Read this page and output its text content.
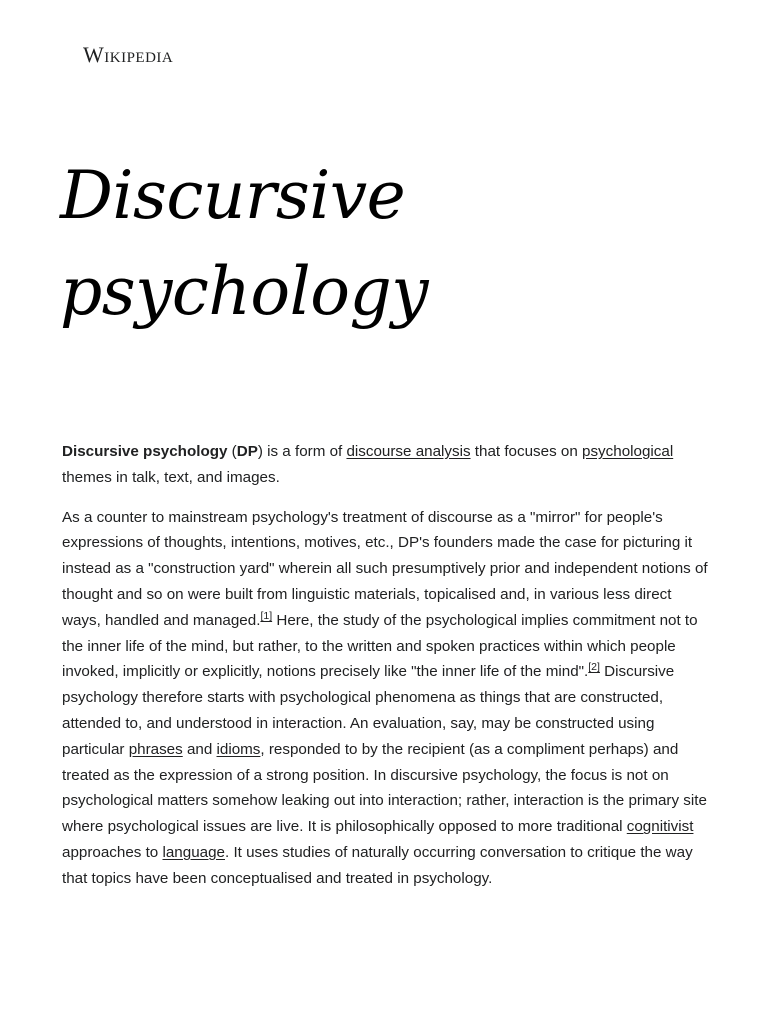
Wikipedia
Discursive
psychology

Discursive psychology (DP) is a form of discourse analysis that focuses on psychological themes in talk, text, and images.

As a counter to mainstream psychology's treatment of discourse as a "mirror" for people's expressions of thoughts, intentions, motives, etc., DP's founders made the case for picturing it instead as a "construction yard" wherein all such presumptively prior and independent notions of thought and so on were built from linguistic materials, topicalised and, in various less direct ways, handled and managed.[1] Here, the study of the psychological implies commitment not to the inner life of the mind, but rather, to the written and spoken practices within which people invoked, implicitly or explicitly, notions precisely like "the inner life of the mind".[2] Discursive psychology therefore starts with psychological phenomena as things that are constructed, attended to, and understood in interaction. An evaluation, say, may be constructed using particular phrases and idioms, responded to by the recipient (as a compliment perhaps) and treated as the expression of a strong position. In discursive psychology, the focus is not on psychological matters somehow leaking out into interaction; rather, interaction is the primary site where psychological issues are live. It is philosophically opposed to more traditional cognitivist approaches to language. It uses studies of naturally occurring conversation to critique the way that topics have been conceptualised and treated in psychology.
